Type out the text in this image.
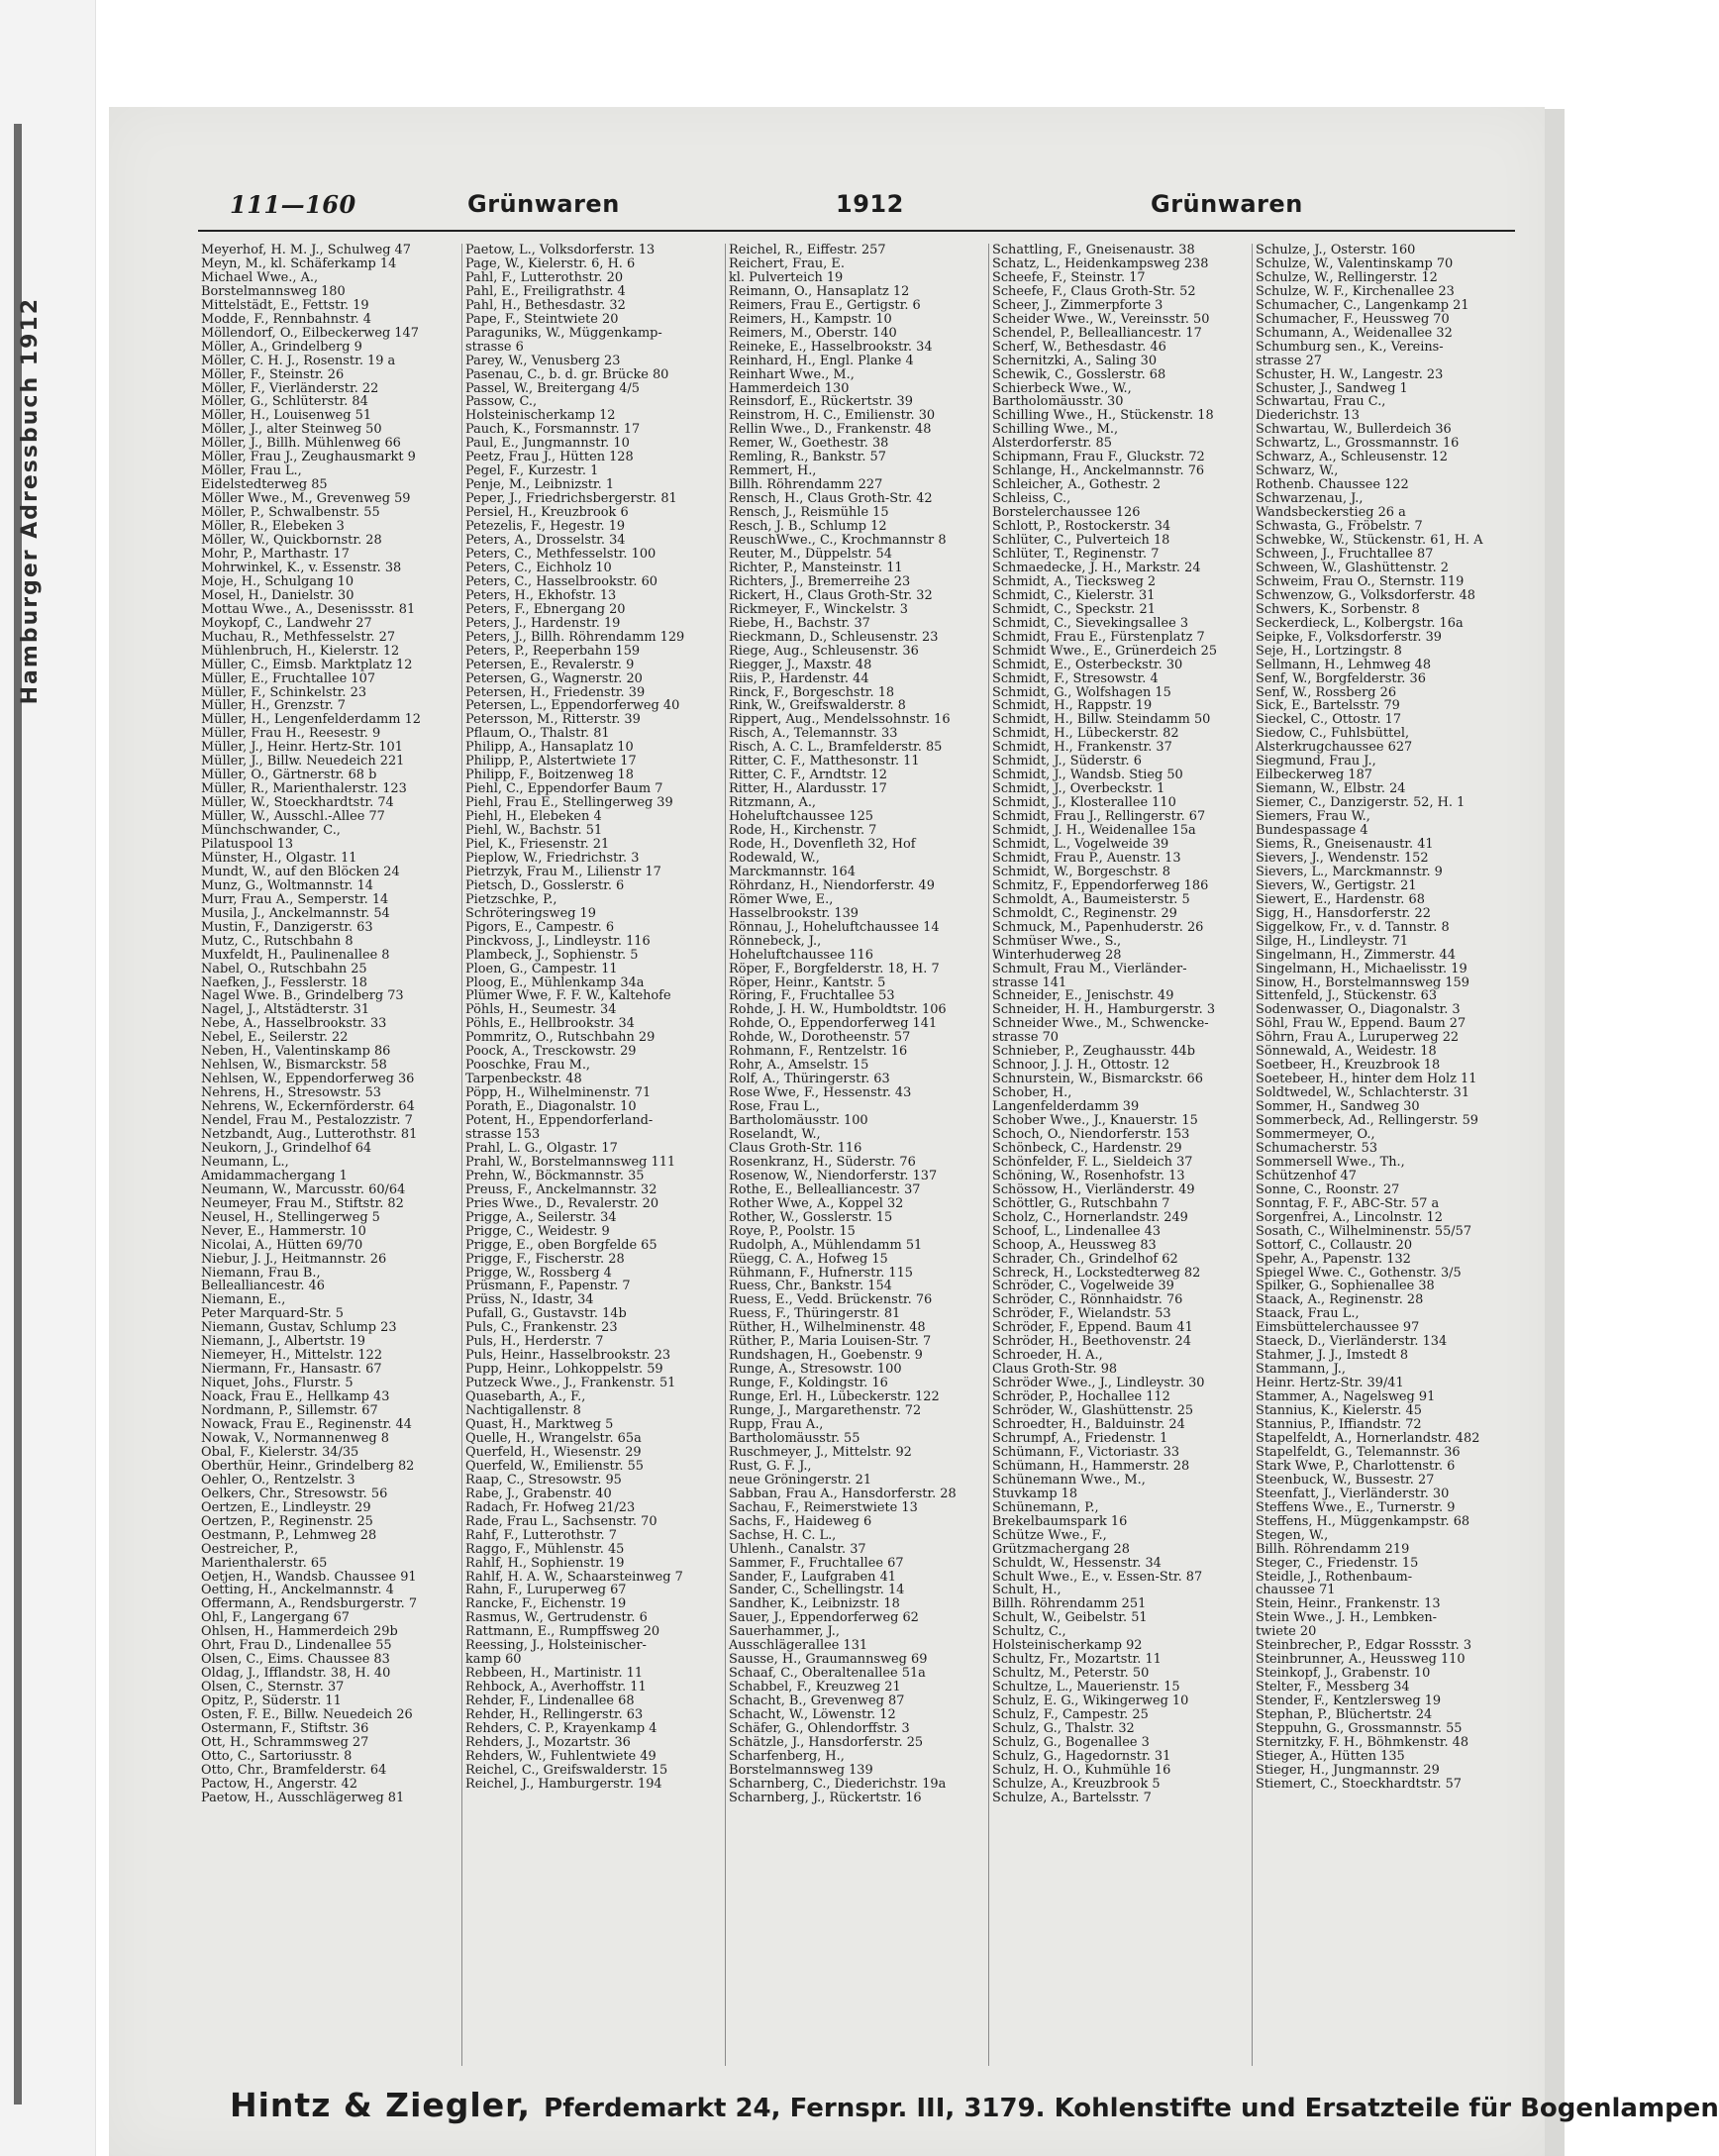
Hamburger Adressbuch 1912
111—160	Grünwaren	1912	Grünwaren
Meyerhof, H. M. J., Schulweg 47
Meyn, M., kl. Schäferkamp 14
Michael Wwe., A.,
Borstelmannsweg 180
Mittelstädt, E., Fettstr. 19
Modde, F., Rennbahnstr. 4
Möllendorf, O., Eilbeckerweg 147
Möller, A., Grindelberg 9
Möller, C. H. J., Rosenstr. 19 a
Möller, F., Steinstr. 26
Möller, F., Vierländerstr. 22
Möller, G., Schlüterstr. 84
Möller, H., Louisenweg 51
Möller, J., alter Steinweg 50
Möller, J., Billh. Mühlenweg 66
Möller, Frau J., Zeughausmarkt 9
Möller, Frau L.,
Eidelstedterweg 85
Möller Wwe., M., Grevenweg 59
Möller, P., Schwalbenstr. 55
Möller, R., Elebeken 3
Möller, W., Quickbornstr. 28
Mohr, P., Marthastr. 17
Mohrwinkel, K., v. Essenstr. 38
Moje, H., Schulgang 10
Mosel, H., Danielstr. 30
Mottau Wwe., A., Desenissstr. 81
Moykopf, C., Landwehr 27
Muchau, R., Methfesselstr. 27
Mühlenbruch, H., Kielerstr. 12
Müller, C., Eimsb. Marktplatz 12
Müller, E., Fruchtallee 107
Müller, F., Schinkelstr. 23
Müller, H., Grenzstr. 7
Müller, H., Lengenfelderdamm 12
Müller, Frau H., Reesestr. 9
Müller, J., Heinr. Hertz-Str. 101
Müller, J., Billw. Neuedeich 221
Müller, O., Gärtnerstr. 68 b
Müller, R., Marienthalerstr. 123
Müller, W., Stoeckhardtstr. 74
Müller, W., Ausschl.-Allee 77
Münchschwander, C.,
Pilatuspool 13
Münster, H., Olgastr. 11
Mundt, W., auf den Blöcken 24
Munz, G., Woltmannstr. 14
Murr, Frau A., Semperstr. 14
Musila, J., Anckelmannstr. 54
Mustin, F., Danzigerstr. 63
Mutz, C., Rutschbahn 8
Muxfeldt, H., Paulinenallee 8
Nabel, O., Rutschbahn 25
Naefken, J., Fesslerstr. 18
Nagel Wwe. B., Grindelberg 73
Nagel, J., Altstädterstr. 31
Nebe, A., Hasselbrookstr. 33
Nebel, E., Seilerstr. 22
Neben, H., Valentinskamp 86
Nehlsen, W., Bismarckstr. 58
Nehlsen, W., Eppendorferweg 36
Nehrens, H., Stresowstr. 53
Nehrens, W., Eckernförderstr. 64
Nendel, Frau M., Pestalozzistr. 7
Netzbandt, Aug., Lutterothstr. 81
Neukorn, J., Grindelhof 64
Neumann, L.,
Amidammachergang 1
Neumann, W., Marcusstr. 60/64
Neumeyer, Frau M., Stiftstr. 82
Neusel, H., Stellingerweg 5
Never, E., Hammerstr. 10
Nicolai, A., Hütten 69/70
Niebur, J. J., Heitmannstr. 26
Niemann, Frau B.,
Bellealliancestr. 46
Niemann, E.,
Peter Marquard-Str. 5
Niemann, Gustav, Schlump 23
Niemann, J., Albertstr. 19
Niemeyer, H., Mittelstr. 122
Niermann, Fr., Hansastr. 67
Niquet, Johs., Flurstr. 5
Noack, Frau E., Hellkamp 43
Nordmann, P., Sillemstr. 67
Nowack, Frau E., Reginenstr. 44
Nowak, V., Normannenweg 8
Obal, F., Kielerstr. 34/35
Oberthür, Heinr., Grindelberg 82
Oehler, O., Rentzelstr. 3
Oelkers, Chr., Stresowstr. 56
Oertzen, E., Lindleystr. 29
Oertzen, P., Reginenstr. 25
Oestmann, P., Lehmweg 28
Oestreicher, P.,
Marienthalerstr. 65
Oetjen, H., Wandsb. Chaussee 91
Oetting, H., Anckelmannstr. 4
Offermann, A., Rendsburgerstr. 7
Ohl, F., Langergang 67
Ohlsen, H., Hammerdeich 29b
Ohrt, Frau D., Lindenallee 55
Olsen, C., Eims. Chaussee 83
Oldag, J., Ifflandstr. 38, H. 40
Olsen, C., Sternstr. 37
Opitz, P., Süderstr. 11
Osten, F. E., Billw. Neuedeich 26
Ostermann, F., Stiftstr. 36
Ott, H., Schrammsweg 27
Otto, C., Sartoriusstr. 8
Otto, Chr., Bramfelderstr. 64
Pactow, H., Angerstr. 42
Paetow, H., Ausschlägerweg 81
Paetow, L., Volksdorferstr. 13
Page, W., Kielerstr. 6, H. 6
Pahl, F., Lutterothstr. 20
Pahl, E., Freiligrathstr. 4
Pahl, H., Bethesdastr. 32
Pape, F., Steintwiete 20
Paraguniks, W., Müggenkamp-
strasse 6
Parey, W., Venusberg 23
Pasenau, C., b. d. gr. Brücke 80
Passel, W., Breitergang 4/5
Passow, C.,
Holsteinischerkamp 12
Pauch, K., Forsmannstr. 17
Paul, E., Jungmannstr. 10
Peetz, Frau J., Hütten 128
Pegel, F., Kurzestr. 1
Penje, M., Leibnizstr. 1
Peper, J., Friedrichsbergerstr. 81
Persiel, H., Kreuzbrook 6
Petezelis, F., Hegestr. 19
Peters, A., Drosselstr. 34
Peters, C., Methfesselstr. 100
Peters, C., Eichholz 10
Peters, C., Hasselbrookstr. 60
Peters, H., Ekhofstr. 13
Peters, F., Ebnergang 20
Peters, J., Hardenstr. 19
Peters, J., Billh. Röhrendamm 129
Peters, P., Reeperbahn 159
Petersen, E., Revalerstr. 9
Petersen, G., Wagnerstr. 20
Petersen, H., Friedenstr. 39
Petersen, L., Eppendorferweg 40
Petersson, M., Ritterstr. 39
Pflaum, O., Thalstr. 81
Philipp, A., Hansaplatz 10
Philipp, P., Alstertwiete 17
Philipp, F., Boitzenweg 18
Piehl, C., Eppendorfer Baum 7
Piehl, Frau E., Stellingerweg 39
Piehl, H., Elebeken 4
Piehl, W., Bachstr. 51
Piel, K., Friesenstr. 21
Pieplow, W., Friedrichstr. 3
Pietrzyk, Frau M., Lilienstr 17
Pietsch, D., Gosslerstr. 6
Pietzschke, P.,
Schröteringsweg 19
Pigors, E., Campestr. 6
Pinckvoss, J., Lindleystr. 116
Plambeck, J., Sophienstr. 5
Ploen, G., Campestr. 11
Ploog, E., Mühlenkamp 34a
Plümer Wwe, F. F. W., Kaltehofe
Pöhls, H., Seumestr. 34
Pöhls, E., Hellbrookstr. 34
Pommritz, O., Rutschbahn 29
Poock, A., Tresckowstr. 29
Pooschke, Frau M.,
Tarpenbeckstr. 48
Pöpp, H., Wilhelminenstr. 71
Porath, E., Diagonalstr. 10
Potent, H., Eppendorferland-
strasse 153
Prahl, L. G., Olgastr. 17
Prahl, W., Borstelmannsweg 111
Prehn, W., Böckmannstr. 35
Preuss, F., Anckelmannstr. 32
Pries Wwe., D., Revalerstr. 20
Prigge, A., Seilerstr. 34
Prigge, C., Weidestr. 9
Prigge, E., oben Borgfelde 65
Prigge, F., Fischerstr. 28
Prigge, W., Rossberg 4
Prüsmann, F., Papenstr. 7
Prüss, N., Idastr, 34
Pufall, G., Gustavstr. 14b
Puls, C., Frankenstr. 23
Puls, H., Herderstr. 7
Puls, Heinr., Hasselbrookstr. 23
Pupp, Heinr., Lohkoppelstr. 59
Putzeck Wwe., J., Frankenstr. 51
Quasebarth, A., F.,
Nachtigallenstr. 8
Quast, H., Marktweg 5
Quelle, H., Wrangelstr. 65a
Querfeld, H., Wiesenstr. 29
Querfeld, W., Emilienstr. 55
Raap, C., Stresowstr. 95
Rabe, J., Grabenstr. 40
Radach, Fr. Hofweg 21/23
Rade, Frau L., Sachsenstr. 70
Rahf, F., Lutterothstr. 7
Raggo, F., Mühlenstr. 45
Rahlf, H., Sophienstr. 19
Rahlf, H. A. W., Schaarsteinweg 7
Rahn, F., Luruperweg 67
Rancke, F., Eichenstr. 19
Rasmus, W., Gertrudenstr. 6
Rattmann, E., Rumpffsweg 20
Reessing, J., Holsteinischer-
kamp 60
Rebbeen, H., Martinistr. 11
Rehbock, A., Averhoffstr. 11
Rehder, F., Lindenallee 68
Rehder, H., Rellingerstr. 63
Rehders, C. P., Krayenkamp 4
Rehders, J., Mozartstr. 36
Rehders, W., Fuhlentwiete 49
Reichel, C., Greifswalderstr. 15
Reichel, J., Hamburgerstr. 194
Reichel, R., Eiffestr. 257
Reichert, Frau, E.
kl. Pulverteich 19
Reimann, O., Hansaplatz 12
Reimers, Frau E., Gertigstr. 6
Reimers, H., Kampstr. 10
Reimers, M., Oberstr. 140
Reineke, E., Hasselbrookstr. 34
Reinhard, H., Engl. Planke 4
Reinhart Wwe., M.,
Hammerdeich 130
Reinsdorf, E., Rückertstr. 39
Reinstrom, H. C., Emilienstr. 30
Rellin Wwe., D., Frankenstr. 48
Remer, W., Goethestr. 38
Remling, R., Bankstr. 57
Remmert, H.,
Billh. Röhrendamm 227
Rensch, H., Claus Groth-Str. 42
Rensch, J., Reismühle 15
Resch, J. B., Schlump 12
ReuschWwe., C., Krochmannstr 8
Reuter, M., Düppelstr. 54
Richter, P., Mansteinstr. 11
Richters, J., Bremerreihe 23
Rickert, H., Claus Groth-Str. 32
Rickmeyer, F., Winckelstr. 3
Riebe, H., Bachstr. 37
Rieckmann, D., Schleusenstr. 23
Riege, Aug., Schleusenstr. 36
Riegger, J., Maxstr. 48
Riis, P., Hardenstr. 44
Rinck, F., Borgeschstr. 18
Rink, W., Greifswalderstr. 8
Rippert, Aug., Mendelssohnstr. 16
Risch, A., Telemannstr. 33
Risch, A. C. L., Bramfelderstr. 85
Ritter, C. F., Matthesonstr. 11
Ritter, C. F., Arndtstr. 12
Ritter, H., Alardusstr. 17
Ritzmann, A.,
Hoheluftchaussee 125
Rode, H., Kirchenstr. 7
Rode, H., Dovenfleth 32, Hof
Rodewald, W.,
Marckmannstr. 164
Röhrdanz, H., Niendorferstr. 49
Römer Wwe, E.,
Hasselbrookstr. 139
Rönnau, J., Hoheluftchaussee 14
Rönnebeck, J.,
Hoheluftchaussee 116
Röper, F., Borgfelderstr. 18, H. 7
Röper, Heinr., Kantstr. 5
Röring, F., Fruchtallee 53
Rohde, J. H. W., Humboldtstr. 106
Rohde, O., Eppendorferweg 141
Rohde, W., Dorotheenstr. 57
Rohmann, F., Rentzelstr. 16
Rohr, A., Amselstr. 15
Rolf, A., Thüringerstr. 63
Rose Wwe, F., Hessenstr. 43
Rose, Frau L.,
Bartholomäusstr. 100
Roselandt, W.,
Claus Groth-Str. 116
Rosenkranz, H., Süderstr. 76
Rosenow, W., Niendorferstr. 137
Rothe, E., Bellealliancestr. 37
Rother Wwe, A., Koppel 32
Rother, W., Gosslerstr. 15
Roye, P., Poolstr. 15
Rudolph, A., Mühlendamm 51
Rüegg, C. A., Hofweg 15
Rühmann, F., Hufnerstr. 115
Ruess, Chr., Bankstr. 154
Ruess, E., Vedd. Brückenstr. 76
Ruess, F., Thüringerstr. 81
Rüther, H., Wilhelminenstr. 48
Rüther, P., Maria Louisen-Str. 7
Rundshagen, H., Goebenstr. 9
Runge, A., Stresowstr. 100
Runge, F., Koldingstr. 16
Runge, Erl. H., Lübeckerstr. 122
Runge, J., Margarethenstr. 72
Rupp, Frau A.,
Bartholomäusstr. 55
Ruschmeyer, J., Mittelstr. 92
Rust, G. F. J.,
neue Gröningerstr. 21
Sabban, Frau A., Hansdorferstr. 28
Sachau, F., Reimerstwiete 13
Sachs, F., Haideweg 6
Sachse, H. C. L.,
Uhlenh., Canalstr. 37
Sammer, F., Fruchtallee 67
Sander, F., Laufgraben 41
Sander, C., Schellingstr. 14
Sandher, K., Leibnizstr. 18
Sauer, J., Eppendorferweg 62
Sauerhammer, J.,
Ausschlägerallee 131
Sausse, H., Graumannsweg 69
Schaaf, C., Oberaltenallee 51a
Schabbel, F., Kreuzweg 21
Schacht, B., Grevenweg 87
Schacht, W., Löwenstr. 12
Schäfer, G., Ohlendorffstr. 3
Schätzle, J., Hansdorferstr. 25
Scharfenberg, H.,
Borstelmannsweg 139
Scharnberg, C., Diederichstr. 19a
Scharnberg, J., Rückertstr. 16
Schattling, F., Gneisenaustr. 38
Schatz, L., Heidenkampsweg 238
Scheefe, F., Steinstr. 17
Scheefe, F., Claus Groth-Str. 52
Scheer, J., Zimmerpforte 3
Scheider Wwe., W., Vereinsstr. 50
Schendel, P., Bellealliancestr. 17
Scherf, W., Bethesdastr. 46
Schernitzki, A., Saling 30
Schewik, C., Gosslerstr. 68
Schierbeck Wwe., W.,
Bartholomäusstr. 30
Schilling Wwe., H., Stückenstr. 18
Schilling Wwe., M.,
Alsterdorferstr. 85
Schipmann, Frau F., Gluckstr. 72
Schlange, H., Anckelmannstr. 76
Schleicher, A., Gothestr. 2
Schleiss, C.,
Borstelerchaussee 126
Schlott, P., Rostockerstr. 34
Schlüter, C., Pulverteich 18
Schlüter, T., Reginenstr. 7
Schmaedecke, J. H., Markstr. 24
Schmidt, A., Tiecksweg 2
Schmidt, C., Kielerstr. 31
Schmidt, C., Speckstr. 21
Schmidt, C., Sievekingsallee 3
Schmidt, Frau E., Fürstenplatz 7
Schmidt Wwe., E., Grünerdeich 25
Schmidt, E., Osterbeckstr. 30
Schmidt, F., Stresowstr. 4
Schmidt, G., Wolfshagen 15
Schmidt, H., Rappstr. 19
Schmidt, H., Billw. Steindamm 50
Schmidt, H., Lübeckerstr. 82
Schmidt, H., Frankenstr. 37
Schmidt, J., Süderstr. 6
Schmidt, J., Wandsb. Stieg 50
Schmidt, J., Overbeckstr. 1
Schmidt, J., Klosterallee 110
Schmidt, Frau J., Rellingerstr. 67
Schmidt, J. H., Weidenallee 15a
Schmidt, L., Vogelweide 39
Schmidt, Frau P., Auenstr. 13
Schmidt, W., Borgeschstr. 8
Schmitz, F., Eppendorferweg 186
Schmoldt, A., Baumeisterstr. 5
Schmoldt, C., Reginenstr. 29
Schmuck, M., Papenhuderstr. 26
Schmüser Wwe., S.,
Winterhuderweg 28
Schmult, Frau M., Vierländer-
strasse 141
Schneider, E., Jenischstr. 49
Schneider, H. H., Hamburgerstr. 3
Schneider Wwe., M., Schwencke-
strasse 70
Schnieber, P., Zeughausstr. 44b
Schnoor, J. J. H., Ottostr. 12
Schnurstein, W., Bismarckstr. 66
Schober, H.,
Langenfelderdamm 39
Schober Wwe., J., Knauerstr. 15
Schoch, O., Niendorferstr. 153
Schönbeck, C., Hardenstr. 29
Schönfelder, F. L., Sieldeich 37
Schöning, W., Rosenhofstr. 13
Schössow, H., Vierländerstr. 49
Schöttler, G., Rutschbahn 7
Scholz, C., Hornerlandstr. 249
Schoof, L., Lindenallee 43
Schoop, A., Heussweg 83
Schrader, Ch., Grindelhof 62
Schreck, H., Lockstedterweg 82
Schröder, C., Vogelweide 39
Schröder, C., Rönnhaidstr. 76
Schröder, F., Wielandstr. 53
Schröder, F., Eppend. Baum 41
Schröder, H., Beethovenstr. 24
Schroeder, H. A.,
Claus Groth-Str. 98
Schröder Wwe., J., Lindleystr. 30
Schröder, P., Hochallee 112
Schröder, W., Glashüttenstr. 25
Schroedter, H., Balduinstr. 24
Schrumpf, A., Friedenstr. 1
Schümann, F., Victoriastr. 33
Schümann, H., Hammerstr. 28
Schünemann Wwe., M.,
Stuvkamp 18
Schünemann, P.,
Brekelbaumspark 16
Schütze Wwe., F.,
Grützmachergang 28
Schuldt, W., Hessenstr. 34
Schult Wwe., E., v. Essen-Str. 87
Schult, H.,
Billh. Röhrendamm 251
Schult, W., Geibelstr. 51
Schultz, C.,
Holsteinischerkamp 92
Schultz, Fr., Mozartstr. 11
Schultz, M., Peterstr. 50
Schultze, L., Mauerienstr. 15
Schulz, E. G., Wikingerweg 10
Schulz, F., Campestr. 25
Schulz, G., Thalstr. 32
Schulz, G., Bogenallee 3
Schulz, G., Hagedornstr. 31
Schulz, H. O., Kuhmühle 16
Schulze, A., Kreuzbrook 5
Schulze, A., Bartelsstr. 7
Schulze, J., Osterstr. 160
Schulze, W., Valentinskamp 70
Schulze, W., Rellingerstr. 12
Schulze, W. F., Kirchenallee 23
Schumacher, C., Langenkamp 21
Schumacher, F., Heussweg 70
Schumann, A., Weidenallee 32
Schumburg sen., K., Vereins-
strasse 27
Schuster, H. W., Langestr. 23
Schuster, J., Sandweg 1
Schwartau, Frau C.,
Diederichstr. 13
Schwartau, W., Bullerdeich 36
Schwartz, L., Grossmannstr. 16
Schwarz, A., Schleusenstr. 12
Schwarz, W.,
Rothenb. Chaussee 122
Schwarzenau, J.,
Wandsbeckerstieg 26 a
Schwasta, G., Fröbelstr. 7
Schwebke, W., Stückenstr. 61, H. A
Schween, J., Fruchtallee 87
Schween, W., Glashüttenstr. 2
Schweim, Frau O., Sternstr. 119
Schwenzow, G., Volksdorferstr. 48
Schwers, K., Sorbenstr. 8
Seckerdieck, L., Kolbergstr. 16a
Seipke, F., Volksdorferstr. 39
Seje, H., Lortzingstr. 8
Sellmann, H., Lehmweg 48
Senf, W., Borgfelderstr. 36
Senf, W., Rossberg 26
Sick, E., Bartelsstr. 79
Sieckel, C., Ottostr. 17
Siedow, C., Fuhlsbüttel,
Alsterkrugchaussee 627
Siegmund, Frau J.,
Eilbeckerweg 187
Siemann, W., Elbstr. 24
Siemer, C., Danzigerstr. 52, H. 1
Siemers, Frau W.,
Bundespassage 4
Siems, R., Gneisenaustr. 41
Sievers, J., Wendenstr. 152
Sievers, L., Marckmannstr. 9
Sievers, W., Gertigstr. 21
Siewert, E., Hardenstr. 68
Sigg, H., Hansdorferstr. 22
Siggelkow, Fr., v. d. Tannstr. 8
Silge, H., Lindleystr. 71
Singelmann, H., Zimmerstr. 44
Singelmann, H., Michaelisstr. 19
Sinow, H., Borstelmannsweg 159
Sittenfeld, J., Stückenstr. 63
Sodenwasser, O., Diagonalstr. 3
Söhl, Frau W., Eppend. Baum 27
Söhrn, Frau A., Luruperweg 22
Sönnewald, A., Weidestr. 18
Soetbeer, H., Kreuzbrook 18
Soetebeer, H., hinter dem Holz 11
Soldtwedel, W., Schlachterstr. 31
Sommer, H., Sandweg 30
Sommerbeck, Ad., Rellingerstr. 59
Sommermeyer, O.,
Schumacherstr. 53
Sommersell Wwe., Th.,
Schützenhof 47
Sonne, C., Roonstr. 27
Sonntag, F. F., ABC-Str. 57 a
Sorgenfrei, A., Lincolnstr. 12
Sosath, C., Wilhelminenstr. 55/57
Sottorf, C., Collaustr. 20
Spehr, A., Papenstr. 132
Spiegel Wwe. C., Gothenstr. 3/5
Spilker, G., Sophienallee 38
Staack, A., Reginenstr. 28
Staack, Frau L.,
Eimsbüttelerchaussee 97
Staeck, D., Vierländerstr. 134
Stahmer, J. J., Imstedt 8
Stammann, J.,
Heinr. Hertz-Str. 39/41
Stammer, A., Nagelsweg 91
Stannius, K., Kielerstr. 45
Stannius, P., Iffiandstr. 72
Stapelfeldt, A., Hornerlandstr. 482
Stapelfeldt, G., Telemannstr. 36
Stark Wwe, P., Charlottenstr. 6
Steenbuck, W., Bussestr. 27
Steenfatt, J., Vierländerstr. 30
Steffens Wwe., E., Turnerstr. 9
Steffens, H., Müggenkampstr. 68
Stegen, W.,
Billh. Röhrendamm 219
Steger, C., Friedenstr. 15
Steidle, J., Rothenbaum-
chaussee 71
Stein, Heinr., Frankenstr. 13
Stein Wwe., J. H., Lembken-
twiete 20
Steinbrecher, P., Edgar Rossstr. 3
Steinbrunner, A., Heussweg 110
Steinkopf, J., Grabenstr. 10
Stelter, F., Messberg 34
Stender, F., Kentzlersweg 19
Stephan, P., Blüchertstr. 24
Steppuhn, G., Grossmannstr. 55
Sternitzky, F. H., Böhmkenstr. 48
Stieger, A., Hütten 135
Stieger, H., Jungmannstr. 29
Stiemert, C., Stoeckhardtstr. 57
Hintz & Ziegler, Pferdemarkt 24, Fernspr. III, 3179. Kohlenstifte und Ersatzteile für Bogenlampen
